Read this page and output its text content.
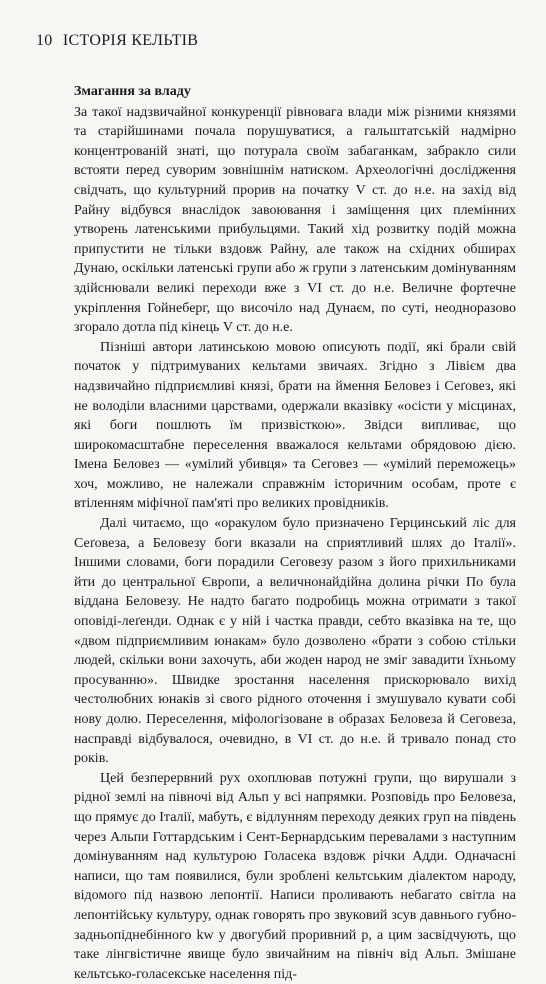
10 ІСТОРІЯ КЕЛЬТІВ
Змагання за владу

За такої надзвичайної конкуренції рівновага влади між різними князями та старійшинами почала порушуватися, а гальштатській надмірно концентрованій знаті, що потурала своїм забаганкам, забракло сили встояти перед суворим зовнішнім натиском. Археологічні дослідження свідчать, що культурний прорив на початку V ст. до н.е. на захід від Райну відбувся внаслідок завоювання і заміщення цих племінних утворень латенськими прибульцями. Такий хід розвитку подій можна припустити не тільки вздовж Райну, але також на східних обширах Дунаю, оскільки латенські групи або ж групи з латенським домінуванням здійснювали великі переходи вже з VI ст. до н.е. Величне фортечне укріплення Гойнеберг, що височіло над Дунаєм, по суті, неодноразово згорало дотла під кінець V ст. до н.е.

Пізніші автори латинською мовою описують події, які брали свій початок у підтримуваних кельтами звичаях. Згідно з Лівієм два надзвичайно підприємливі князі, брати на ймення Беловез і Сеґовез, які не володіли власними царствами, одержали вказівку «осісти у місцинах, які боги пошлють їм призвісткою». Звідси випливає, що широкомасштабне переселення вважалося кельтами обрядовою дією. Імена Беловез — «умілий убивця» та Сеговез — «умілий переможець» хоч, можливо, не належали справжнім історичним особам, проте є втіленням міфічної пам'яті про великих провідників.

Далі читаємо, що «оракулом було призначено Герцинський ліс для Сеґовеза, а Беловезу боги вказали на сприятливий шлях до Італії». Іншими словами, боги порадили Сеговезу разом з його прихильниками йти до центральної Європи, а величнонайдійна долина річки По була віддана Беловезу. Не надто багато подробиць можна отримати з такої оповіді-леґенди. Однак є у ній і частка правди, себто вказівка на те, що «двом підприємливим юнакам» було дозволено «брати з собою стільки людей, скільки вони захочуть, аби жоден народ не зміг завадити їхньому просуванню». Швидке зростання населення прискорювало вихід честолюбних юнаків зі свого рідного оточення і змушувало кувати собі нову долю. Переселення, міфологізоване в образах Беловеза й Сеговеза, насправді відбувалося, очевидно, в VI ст. до н.е. й тривало понад сто років.

Цей безперервний рух охоплював потужні групи, що вирушали з рідної землі на півночі від Альп у всі напрямки. Розповідь про Беловеза, що прямує до Італії, мабуть, є відлунням переходу деяких груп на південь через Альпи Готтардським і Сент-Бернардським перевалами з наступним домінуванням над культурою Голасека вздовж річки Адди. Одначасні написи, що там появилися, були зроблені кельтським діалектом народу, відомого під назвою лепонтії. Написи проливають небагато світла на лепонтійську культуру, однак говорять про звуковий зсув давнього губно-задньопіднебінного kw у двогубий проривний p, а цим засвідчують, що таке лінгвістичне явище було звичайним на північ від Альп. Змішане кельтсько-голасекське населення під-
